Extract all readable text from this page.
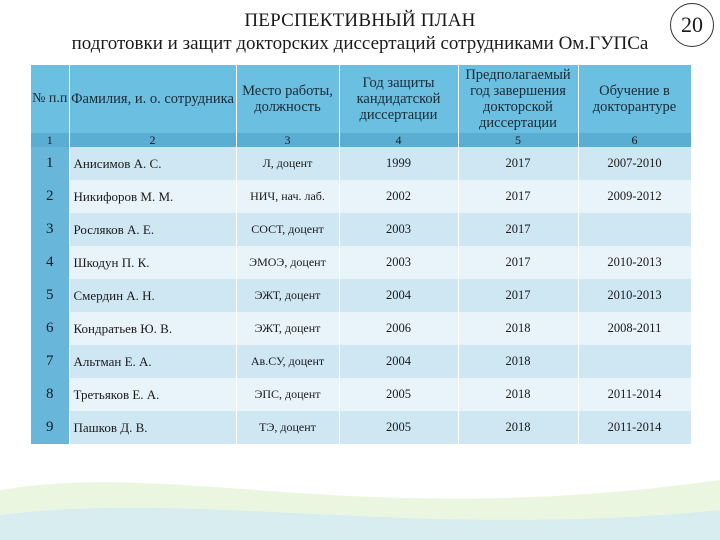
ПЕРСПЕКТИВНЫЙ ПЛАН
подготовки и защит докторских диссертаций сотрудниками Ом.ГУПСа
20
№ п.п	Фамилия, и. о. сотрудника	Место работы, должность	Год защиты кандидатской диссертации	Предполагаемый год завершения докторской диссертации	Обучение в докторантуре
1	2	3	4	5	6
1	Анисимов А. С.	Л, доцент	1999	2017	2007-2010
2	Никифоров М. М.	НИЧ, нач. лаб.	2002	2017	2009-2012
3	Росляков А. Е.	СОСТ, доцент	2003	2017	
4	Шкодун П. К.	ЭМОЭ, доцент	2003	2017	2010-2013
5	Смердин А. Н.	ЭЖТ, доцент	2004	2017	2010-2013
6	Кондратьев Ю. В.	ЭЖТ, доцент	2006	2018	2008-2011
7	Альтман Е. А.	Ав.СУ, доцент	2004	2018	
8	Третьяков Е. А.	ЭПС, доцент	2005	2018	2011-2014
9	Пашков Д. В.	ТЭ, доцент	2005	2018	2011-2014
